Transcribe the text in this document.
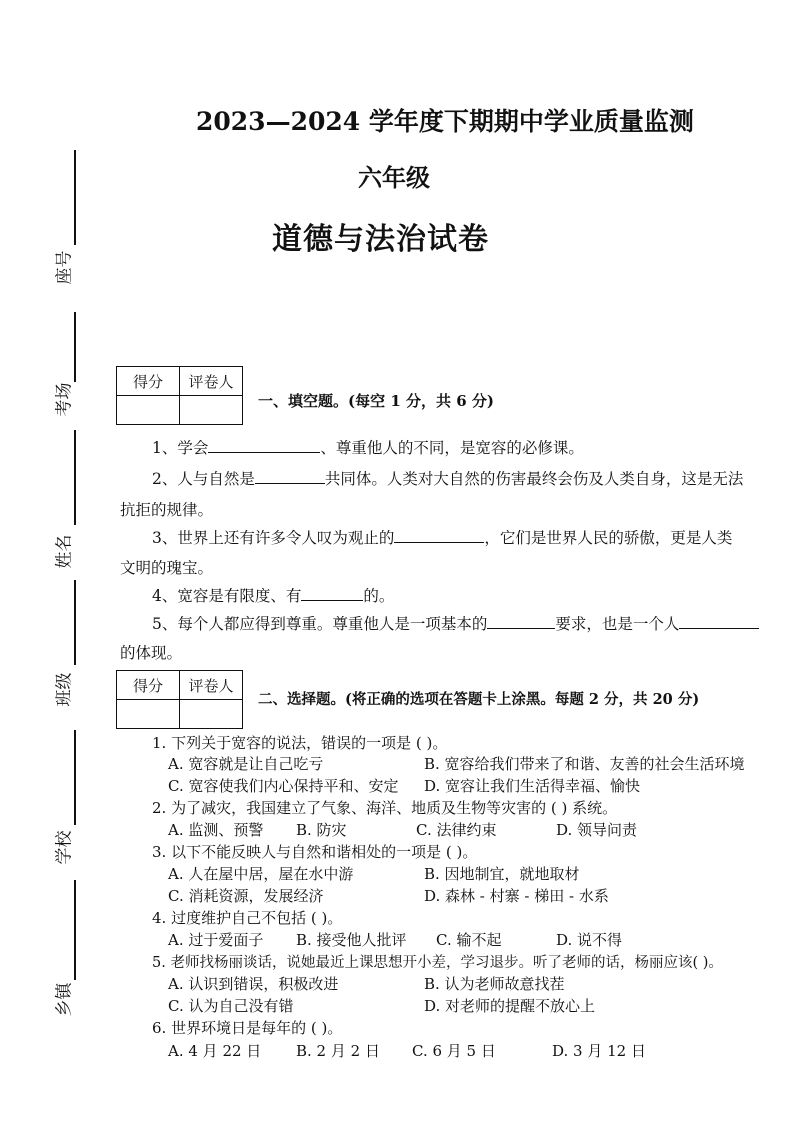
座号
考场
姓名
班级
学校
乡镇
2023—2024 学年度下期期中学业质量监测
六年级
道德与法治试卷
得分	评卷人

一、填空题。(每空 1 分，共 6 分)
1、学会	、尊重他人的不同，是宽容的必修课。
2、人与自然是	共同体。人类对大自然的伤害最终会伤及人类自身，这是无法
抗拒的规律。
3、世界上还有许多令人叹为观止的	，它们是世界人民的骄傲，更是人类
文明的瑰宝。
4、宽容是有限度、有	的。
5、每个人都应得到尊重。尊重他人是一项基本的	要求，也是一个人
的体现。
得分	评卷人

二、选择题。(将正确的选项在答题卡上涂黑。每题 2 分，共 20 分)
1. 下列关于宽容的说法，错误的一项是 ( )。
A. 宽容就是让自己吃亏	B. 宽容给我们带来了和谐、友善的社会生活环境
C. 宽容使我们内心保持平和、安定 D. 宽容让我们生活得幸福、愉快
2. 为了减灾，我国建立了气象、海洋、地质及生物等灾害的 ( ) 系统。
A. 监测、预警 B. 防灾	C. 法律约束	D. 领导问责
3. 以下不能反映人与自然和谐相处的一项是 ( )。
A. 人在屋中居，屋在水中游	B. 因地制宜，就地取材
C. 消耗资源，发展经济	D. 森林 - 村寨 - 梯田 - 水系
4. 过度维护自己不包括 ( )。
A. 过于爱面子 B. 接受他人批评 C. 输不起	D. 说不得
5. 老师找杨丽谈话，说她最近上课思想开小差，学习退步。听了老师的话，杨丽应该( )。
A. 认识到错误，积极改进	B. 认为老师故意找茬
C. 认为自己没有错	D. 对老师的提醒不放心上
6. 世界环境日是每年的 ( )。
A. 4 月 22 日 B. 2 月 2 日 C. 6 月 5 日	D. 3 月 12 日
